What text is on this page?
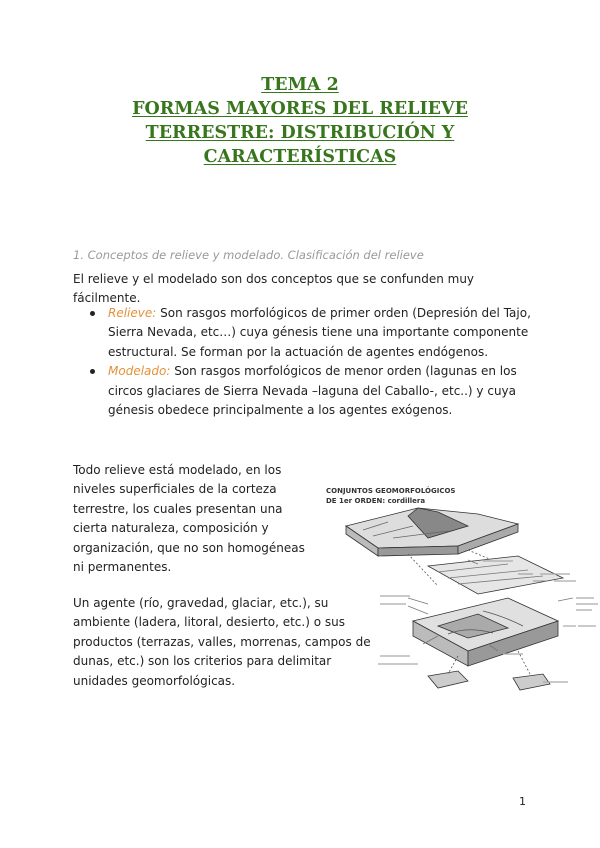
TEMA 2
FORMAS MAYORES DEL RELIEVE
TERRESTRE: DISTRIBUCIÓN Y
CARACTERÍSTICAS
1. Conceptos de relieve y modelado. Clasificación del relieve
El relieve y el modelado son dos conceptos que se confunden muy fácilmente.
Relieve: Son rasgos morfológicos de primer orden (Depresión del Tajo, Sierra Nevada, etc…) cuya génesis tiene una importante componente estructural. Se forman por la actuación de agentes endógenos.
Modelado: Son rasgos morfológicos de menor orden (lagunas en los circos glaciares de Sierra Nevada –laguna del Caballo-, etc..) y cuya génesis obedece principalmente a los agentes exógenos.
Todo relieve está modelado, en los niveles superficiales de la corteza terrestre, los cuales presentan una cierta naturaleza, composición y organización, que no son homogéneas ni permanentes.
Un agente (río, gravedad, glaciar, etc.), su ambiente (ladera, litoral, desierto, etc.) o sus productos (terrazas, valles, morrenas, campos de dunas, etc.) son los criterios para delimitar unidades geomorfológicas.
CONJUNTOS GEOMORFOLÓGICOS
DE 1er ORDEN: cordillera
1
